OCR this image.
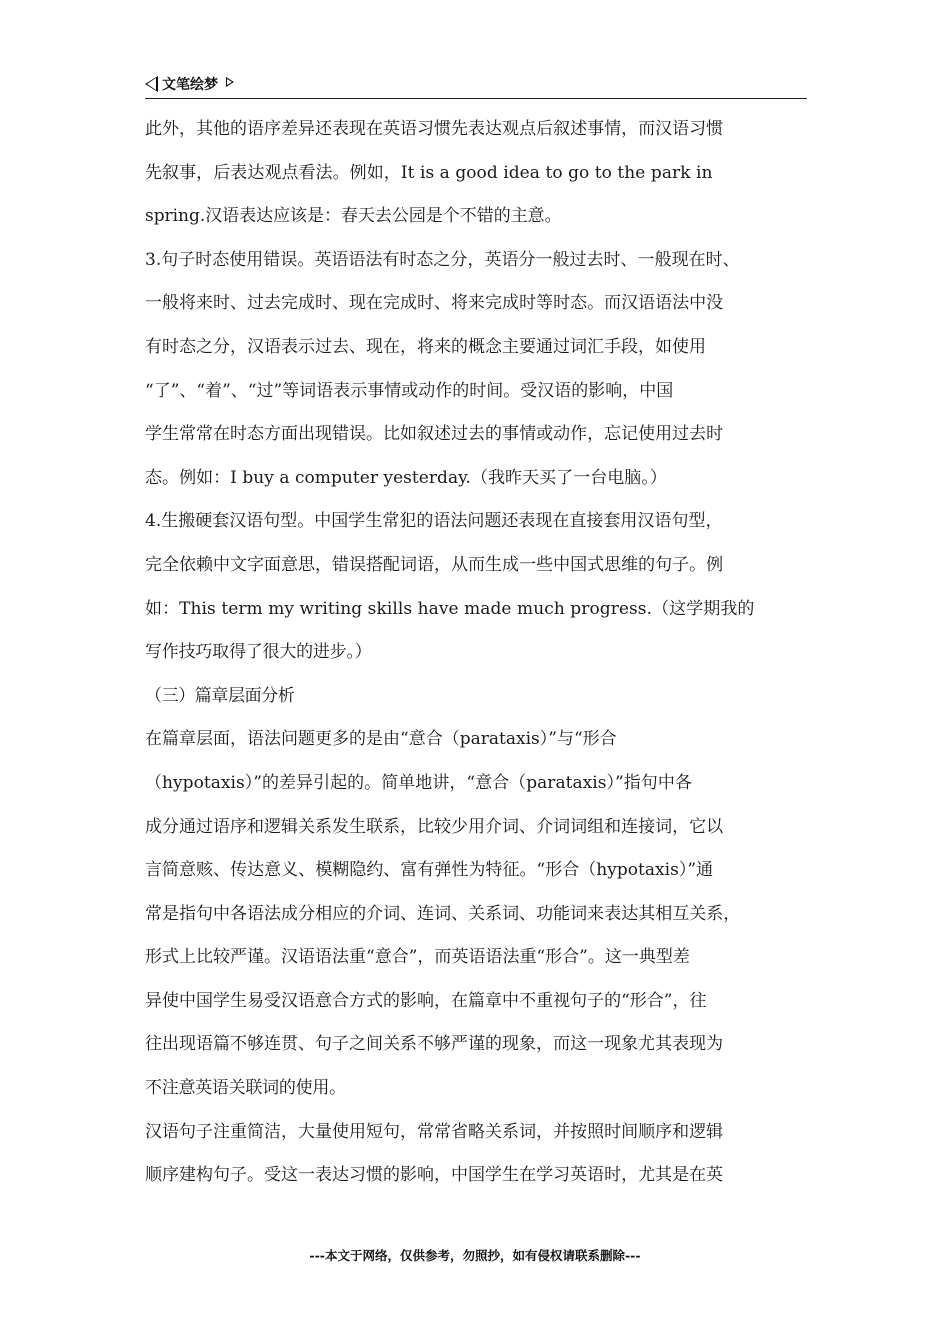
文笔绘梦
此外，其他的语序差异还表现在英语习惯先表达观点后叙述事情，而汉语习惯
先叙事，后表达观点看法。例如，It is a good idea to go to the park in
spring.汉语表达应该是：春天去公园是个不错的主意。
3.句子时态使用错误。英语语法有时态之分，英语分一般过去时、一般现在时、
一般将来时、过去完成时、现在完成时、将来完成时等时态。而汉语语法中没
有时态之分，汉语表示过去、现在，将来的概念主要通过词汇手段，如使用
“了”、“着”、“过”等词语表示事情或动作的时间。受汉语的影响，中国
学生常常在时态方面出现错误。比如叙述过去的事情或动作，忘记使用过去时
态。例如：I buy a computer yesterday.（我昨天买了一台电脑。）
4.生搬硬套汉语句型。中国学生常犯的语法问题还表现在直接套用汉语句型，
完全依赖中文字面意思，错误搭配词语，从而生成一些中国式思维的句子。例
如：This term my writing skills have made much progress.（这学期我的
写作技巧取得了很大的进步。）
（三）篇章层面分析
在篇章层面，语法问题更多的是由“意合（parataxis）”与“形合
（hypotaxis）”的差异引起的。简单地讲，“意合（parataxis）”指句中各
成分通过语序和逻辑关系发生联系，比较少用介词、介词词组和连接词，它以
言简意赅、传达意义、模糊隐约、富有弹性为特征。“形合（hypotaxis）”通
常是指句中各语法成分相应的介词、连词、关系词、功能词来表达其相互关系，
形式上比较严谨。汉语语法重“意合”，而英语语法重“形合”。这一典型差
异使中国学生易受汉语意合方式的影响，在篇章中不重视句子的“形合”，往
往出现语篇不够连贯、句子之间关系不够严谨的现象，而这一现象尤其表现为
不注意英语关联词的使用。
汉语句子注重简洁，大量使用短句，常常省略关系词，并按照时间顺序和逻辑
顺序建构句子。受这一表达习惯的影响，中国学生在学习英语时，尤其是在英
---本文于网络，仅供参考，勿照抄，如有侵权请联系删除---
